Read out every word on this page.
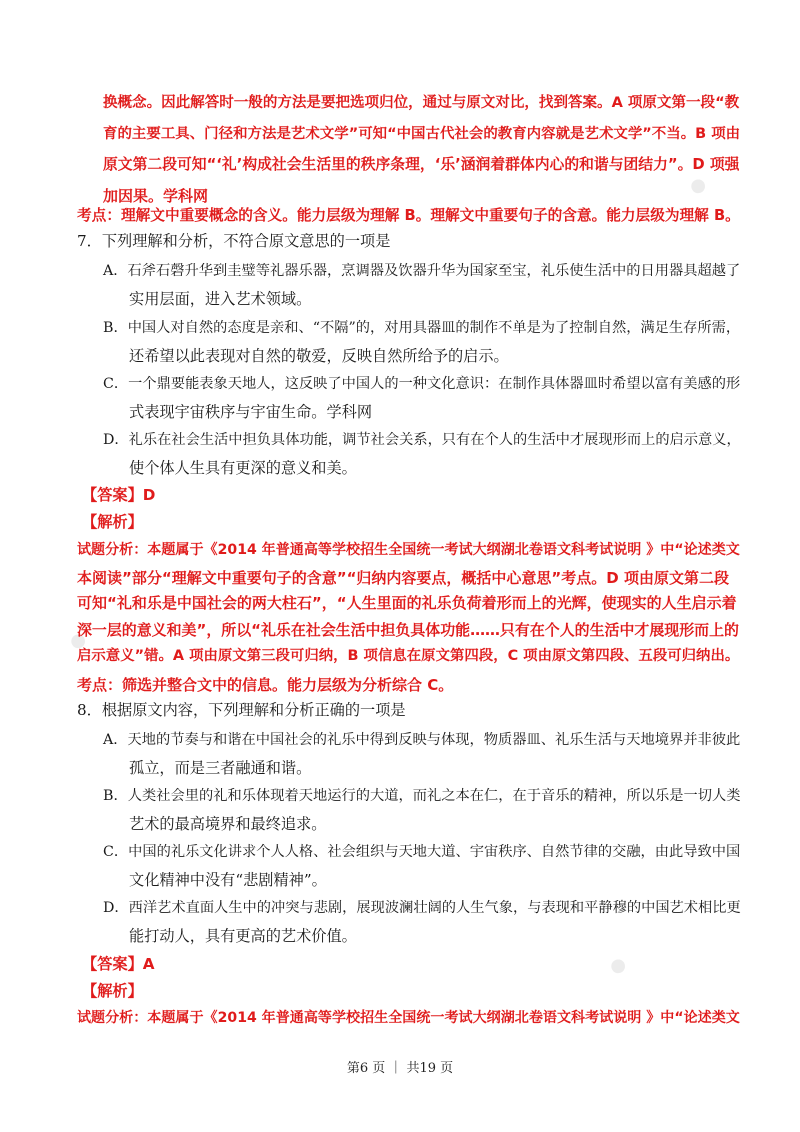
●
●
●
换概念。因此解答时一般的方法是要把选项归位，通过与原文对比，找到答案。A 项原文第一段“教
育的主要工具、门径和方法是艺术文学”可知“中国古代社会的教育内容就是艺术文学”不当。B 项由
原文第二段可知“‘礼’构成社会生活里的秩序条理，‘乐’涵润着群体内心的和谐与团结力”。D 项强
加因果。学科网
考点：理解文中重要概念的含义。能力层级为理解 B。理解文中重要句子的含意。能力层级为理解 B。
7．下列理解和分析，不符合原文意思的一项是
A．石斧石磬升华到圭璧等礼器乐器，烹调器及饮器升华为国家至宝，礼乐使生活中的日用器具超越了
实用层面，进入艺术领域。
B．中国人对自然的态度是亲和、“不隔”的，对用具器皿的制作不单是为了控制自然，满足生存所需，
还希望以此表现对自然的敬爱，反映自然所给予的启示。
C．一个鼎要能表象天地人，这反映了中国人的一种文化意识：在制作具体器皿时希望以富有美感的形
式表现宇宙秩序与宇宙生命。学科网
D．礼乐在社会生活中担负具体功能，调节社会关系，只有在个人的生活中才展现形而上的启示意义，
使个体人生具有更深的意义和美。
【答案】D
【解析】
试题分析：本题属于《2014 年普通高等学校招生全国统一考试大纲湖北卷语文科考试说明 》中“论述类文
本阅读”部分“理解文中重要句子的含意”“归纳内容要点，概括中心意思”考点。D 项由原文第二段
可知“礼和乐是中国社会的两大柱石”，“人生里面的礼乐负荷着形而上的光辉，使现实的人生启示着
深一层的意义和美”，所以“礼乐在社会生活中担负具体功能……只有在个人的生活中才展现形而上的
启示意义”错。A 项由原文第三段可归纳，B 项信息在原文第四段，C 项由原文第四段、五段可归纳出。
考点：筛选并整合文中的信息。能力层级为分析综合 C。
8．根据原文内容，下列理解和分析正确的一项是
A．天地的节奏与和谐在中国社会的礼乐中得到反映与体现，物质器皿、礼乐生活与天地境界并非彼此
孤立，而是三者融通和谐。
B．人类社会里的礼和乐体现着天地运行的大道，而礼之本在仁，在于音乐的精神，所以乐是一切人类
艺术的最高境界和最终追求。
C．中国的礼乐文化讲求个人人格、社会组织与天地大道、宇宙秩序、自然节律的交融，由此导致中国
文化精神中没有“悲剧精神”。
D．西洋艺术直面人生中的冲突与悲剧，展现波澜壮阔的人生气象，与表现和平静穆的中国艺术相比更
能打动人，具有更高的艺术价值。
【答案】A
【解析】
试题分析：本题属于《2014 年普通高等学校招生全国统一考试大纲湖北卷语文科考试说明 》中“论述类文
第6 页 ｜ 共19 页
